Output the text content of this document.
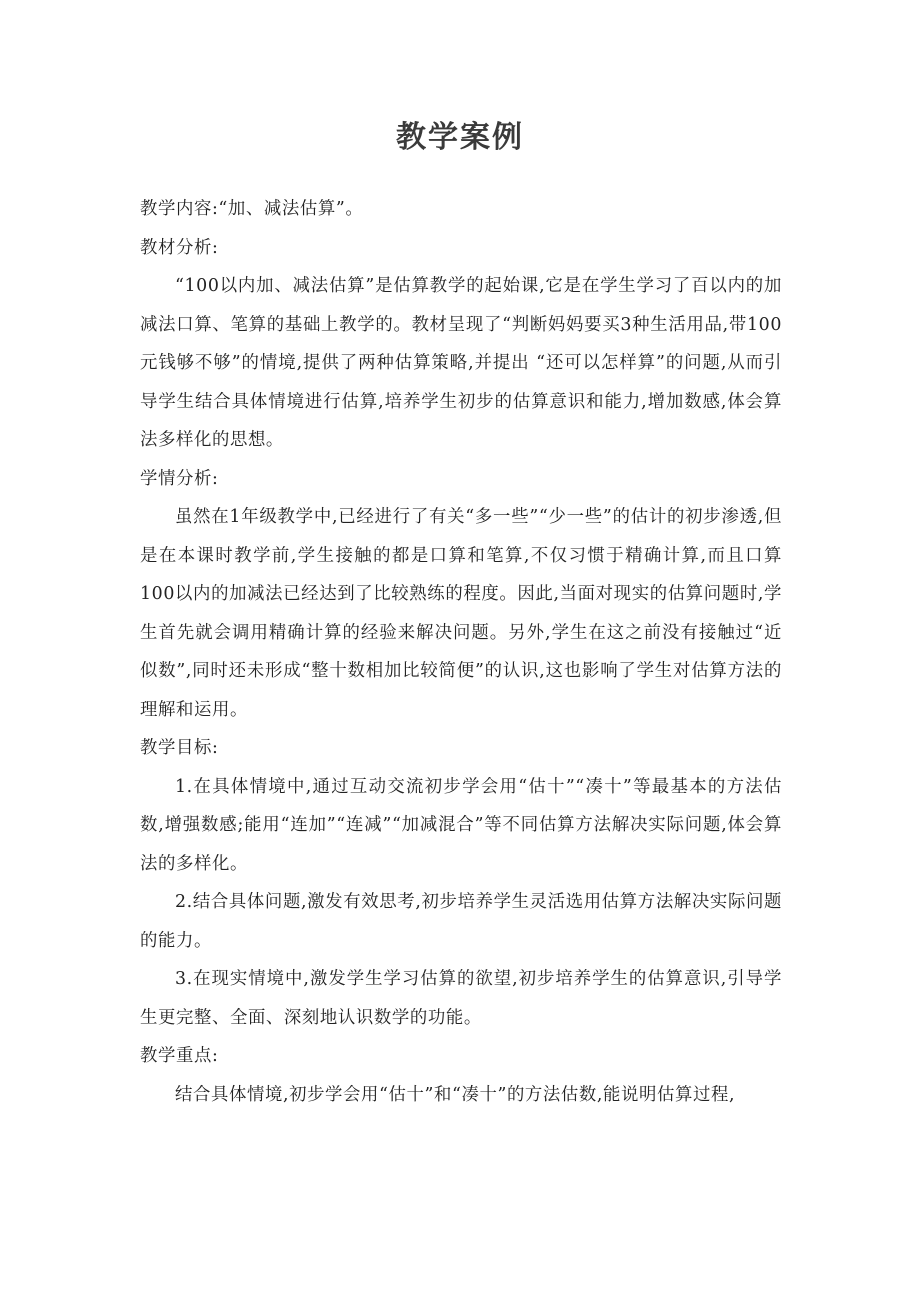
教学案例

教学内容:“加、减法估算”。

教材分析:

“100以内加、减法估算”是估算教学的起始课,它是在学生学习了百以内的加减法口算、笔算的基础上教学的。教材呈现了“判断妈妈要买3种生活用品,带100元钱够不够”的情境,提供了两种估算策略,并提出 “还可以怎样算”的问题,从而引导学生结合具体情境进行估算,培养学生初步的估算意识和能力,增加数感,体会算法多样化的思想。

学情分析:

虽然在1年级教学中,已经进行了有关“多一些”“少一些”的估计的初步渗透,但是在本课时教学前,学生接触的都是口算和笔算,不仅习惯于精确计算,而且口算100以内的加减法已经达到了比较熟练的程度。因此,当面对现实的估算问题时,学生首先就会调用精确计算的经验来解决问题。另外,学生在这之前没有接触过“近似数”,同时还未形成“整十数相加比较简便”的认识,这也影响了学生对估算方法的理解和运用。

教学目标:

1.在具体情境中,通过互动交流初步学会用“估十”“凑十”等最基本的方法估数,增强数感;能用“连加”“连减”“加减混合”等不同估算方法解决实际问题,体会算法的多样化。

2.结合具体问题,激发有效思考,初步培养学生灵活选用估算方法解决实际问题的能力。

3.在现实情境中,激发学生学习估算的欲望,初步培养学生的估算意识,引导学生更完整、全面、深刻地认识数学的功能。

教学重点:

结合具体情境,初步学会用“估十”和“凑十”的方法估数,能说明估算过程,
